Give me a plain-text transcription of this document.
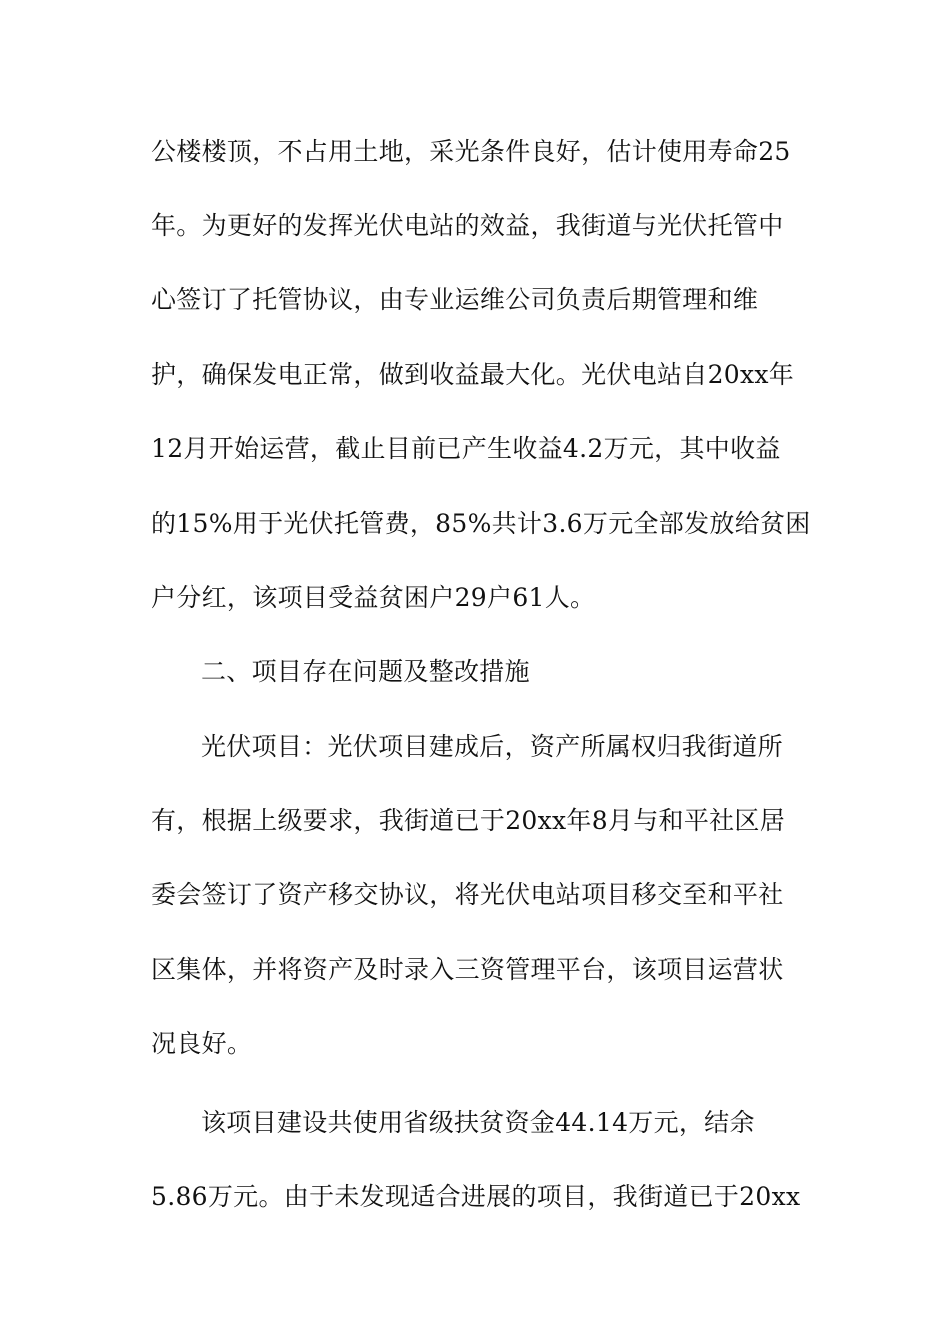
公楼楼顶，不占用土地，采光条件良好，估计使用寿命25
年。为更好的发挥光伏电站的效益，我街道与光伏托管中
心签订了托管协议，由专业运维公司负责后期管理和维
护，确保发电正常，做到收益最大化。光伏电站自20xx年
12月开始运营，截止目前已产生收益4.2万元，其中收益
的15%用于光伏托管费，85%共计3.6万元全部发放给贫困
户分红，该项目受益贫困户29户61人。
二、项目存在问题及整改措施
光伏项目：光伏项目建成后，资产所属权归我街道所
有，根据上级要求，我街道已于20xx年8月与和平社区居
委会签订了资产移交协议，将光伏电站项目移交至和平社
区集体，并将资产及时录入三资管理平台，该项目运营状
况良好。
该项目建设共使用省级扶贫资金44.14万元，结余
5.86万元。由于未发现适合进展的项目，我街道已于20xx
